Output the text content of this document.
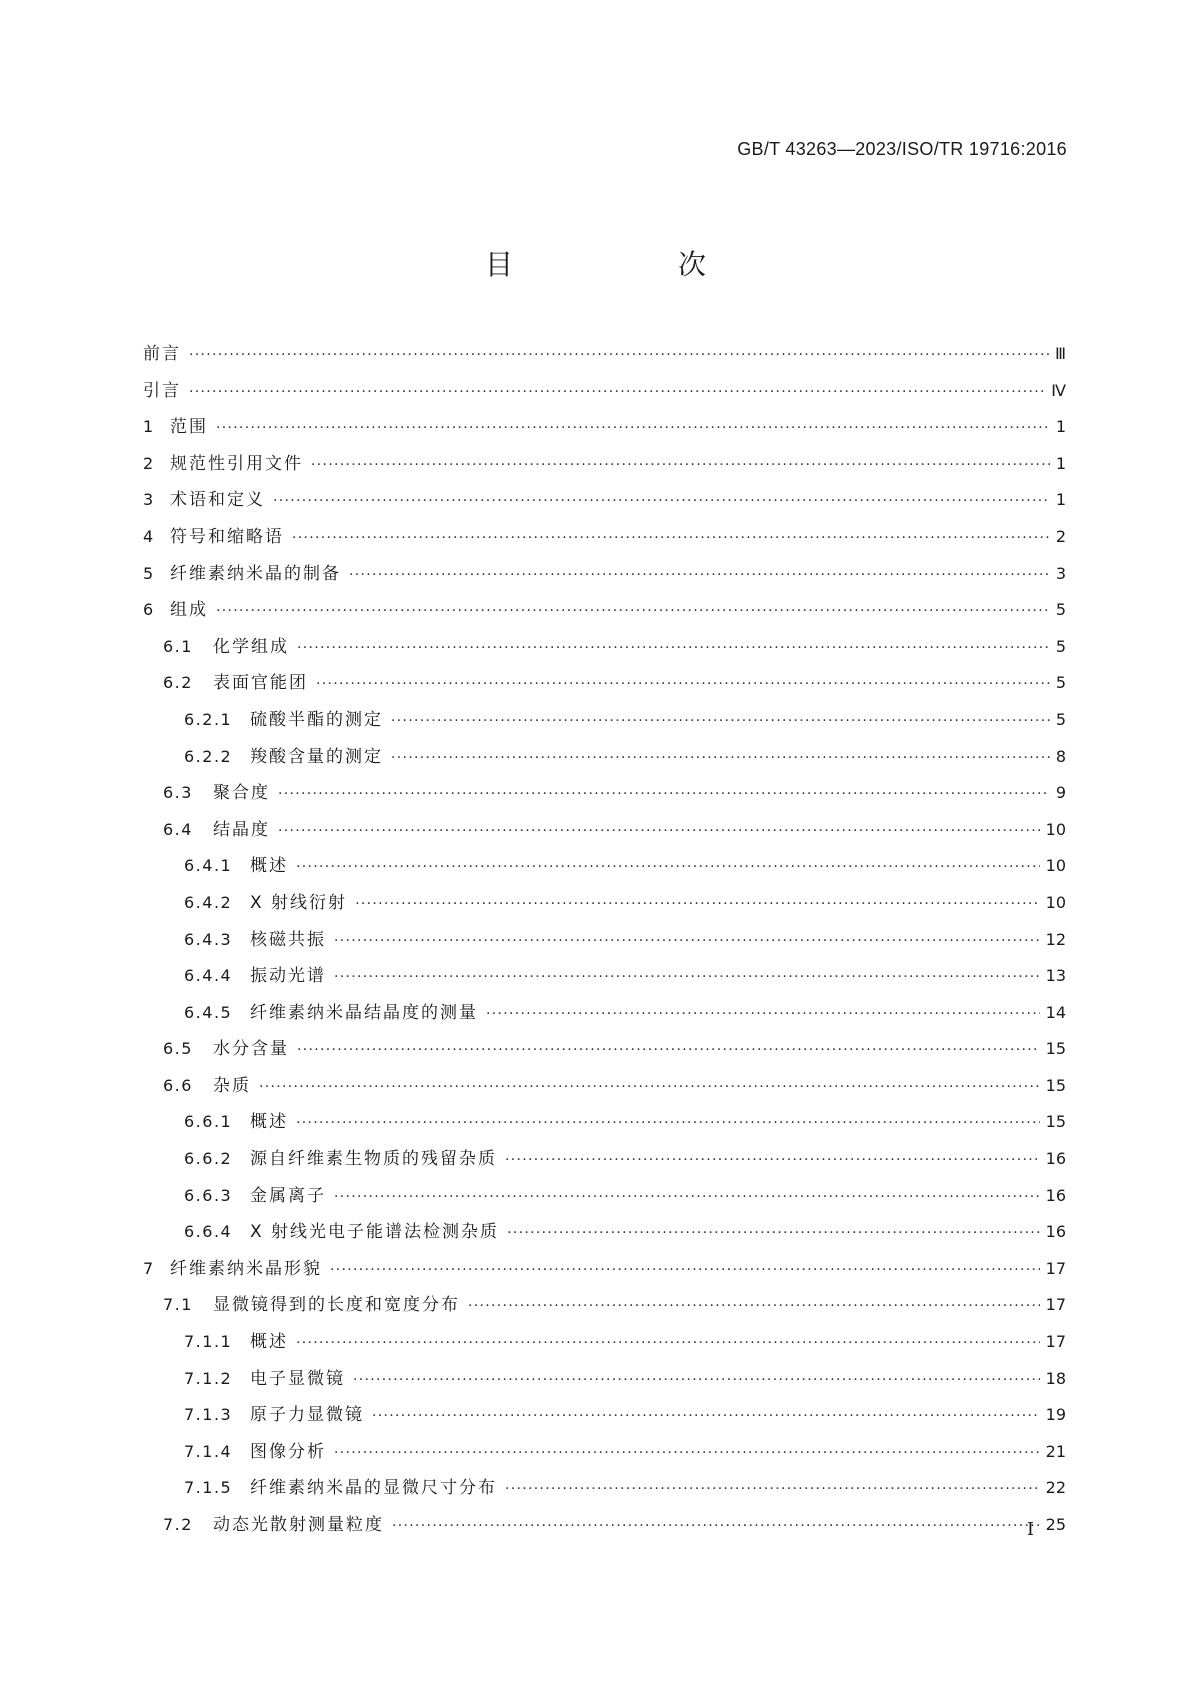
GB/T 43263—2023/ISO/TR 19716:2016
目 次
前言 ·····	Ⅲ
引言 ·····	Ⅳ
1 范围 ·····	1
2 规范性引用文件 ·····	1
3 术语和定义 ·····	1
4 符号和缩略语 ·····	2
5 纤维素纳米晶的制备 ·····	3
6 组成 ·····	5
6.1	化学组成 ·····	5
6.2	表面官能团 ·····	5
6.2.1	硫酸半酯的测定 ·····	5
6.2.2	羧酸含量的测定 ·····	8
6.3	聚合度 ·····	9
6.4	结晶度 ·····	10
6.4.1	概述 ·····	10
6.4.2	X 射线衍射 ·····	10
6.4.3	核磁共振 ·····	12
6.4.4	振动光谱 ·····	13
6.4.5	纤维素纳米晶结晶度的测量 ·····	14
6.5	水分含量 ·····	15
6.6	杂质 ·····	15
6.6.1	概述 ·····	15
6.6.2	源自纤维素生物质的残留杂质 ·····	16
6.6.3	金属离子 ·····	16
6.6.4	X 射线光电子能谱法检测杂质 ·····	16
7 纤维素纳米晶形貌 ·····	17
7.1	显微镜得到的长度和宽度分布 ·····	17
7.1.1	概述 ·····	17
7.1.2	电子显微镜 ·····	18
7.1.3	原子力显微镜 ·····	19
7.1.4	图像分析 ·····	21
7.1.5	纤维素纳米晶的显微尺寸分布 ·····	22
7.2	动态光散射测量粒度 ·····	25
Ⅰ
